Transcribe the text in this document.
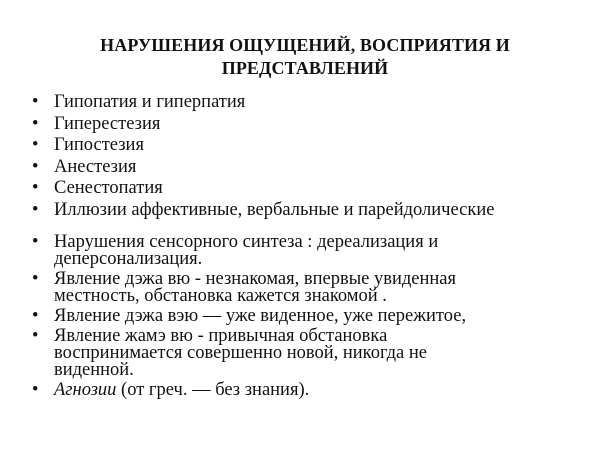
НАРУШЕНИЯ ОЩУЩЕНИЙ, ВОСПРИЯТИЯ И
ПРЕДСТАВЛЕНИЙ
• Гипопатия и гиперпатия
• Гиперестезия
• Гипостезия
• Анестезия
• Сенестопатия
• Иллюзии аффективные, вербальные и парейдолические
• Нарушения сенсорного синтеза : дереализация и
деперсонализация.
• Явление дэжа вю - незнакомая, впервые увиденная
местность, обстановка кажется знакомой .
• Явление дэжа вэю — уже виденное, уже пережитое,
• Явление жамэ вю - привычная обстановка
воспринимается совершенно новой, никогда не
виденной.
• Агнозии (от греч. — без знания).
